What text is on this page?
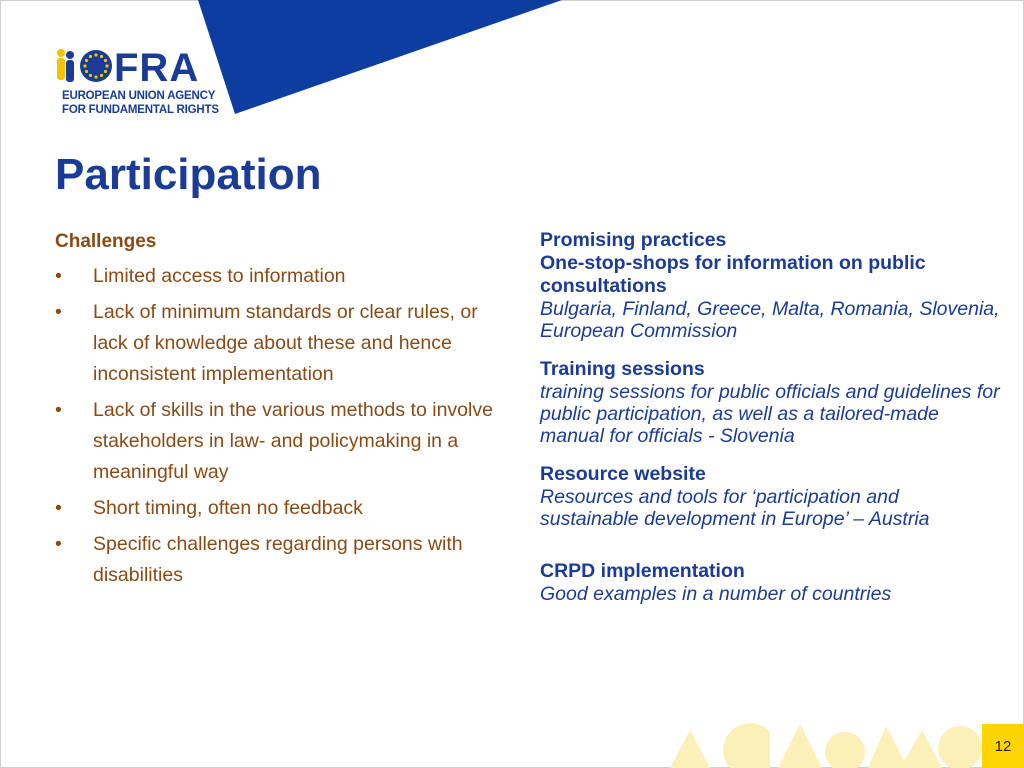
FRA
EUROPEAN UNION AGENCY
FOR FUNDAMENTAL RIGHTS
Participation
Challenges
• Limited access to information
• Lack of minimum standards or clear rules, or lack of knowledge about these and hence inconsistent implementation
• Lack of skills in the various methods to involve stakeholders in law- and policymaking in a meaningful way
• Short timing, often no feedback
• Specific challenges regarding persons with disabilities
Promising practices
One-stop-shops for information on public consultations
Bulgaria, Finland, Greece, Malta, Romania, Slovenia, European Commission
Training sessions
training sessions for public officials and guidelines for public participation, as well as a tailored-made manual for officials - Slovenia
Resource website
Resources and tools for ‘participation and sustainable development in Europe’ – Austria
CRPD implementation
Good examples in a number of countries
12
